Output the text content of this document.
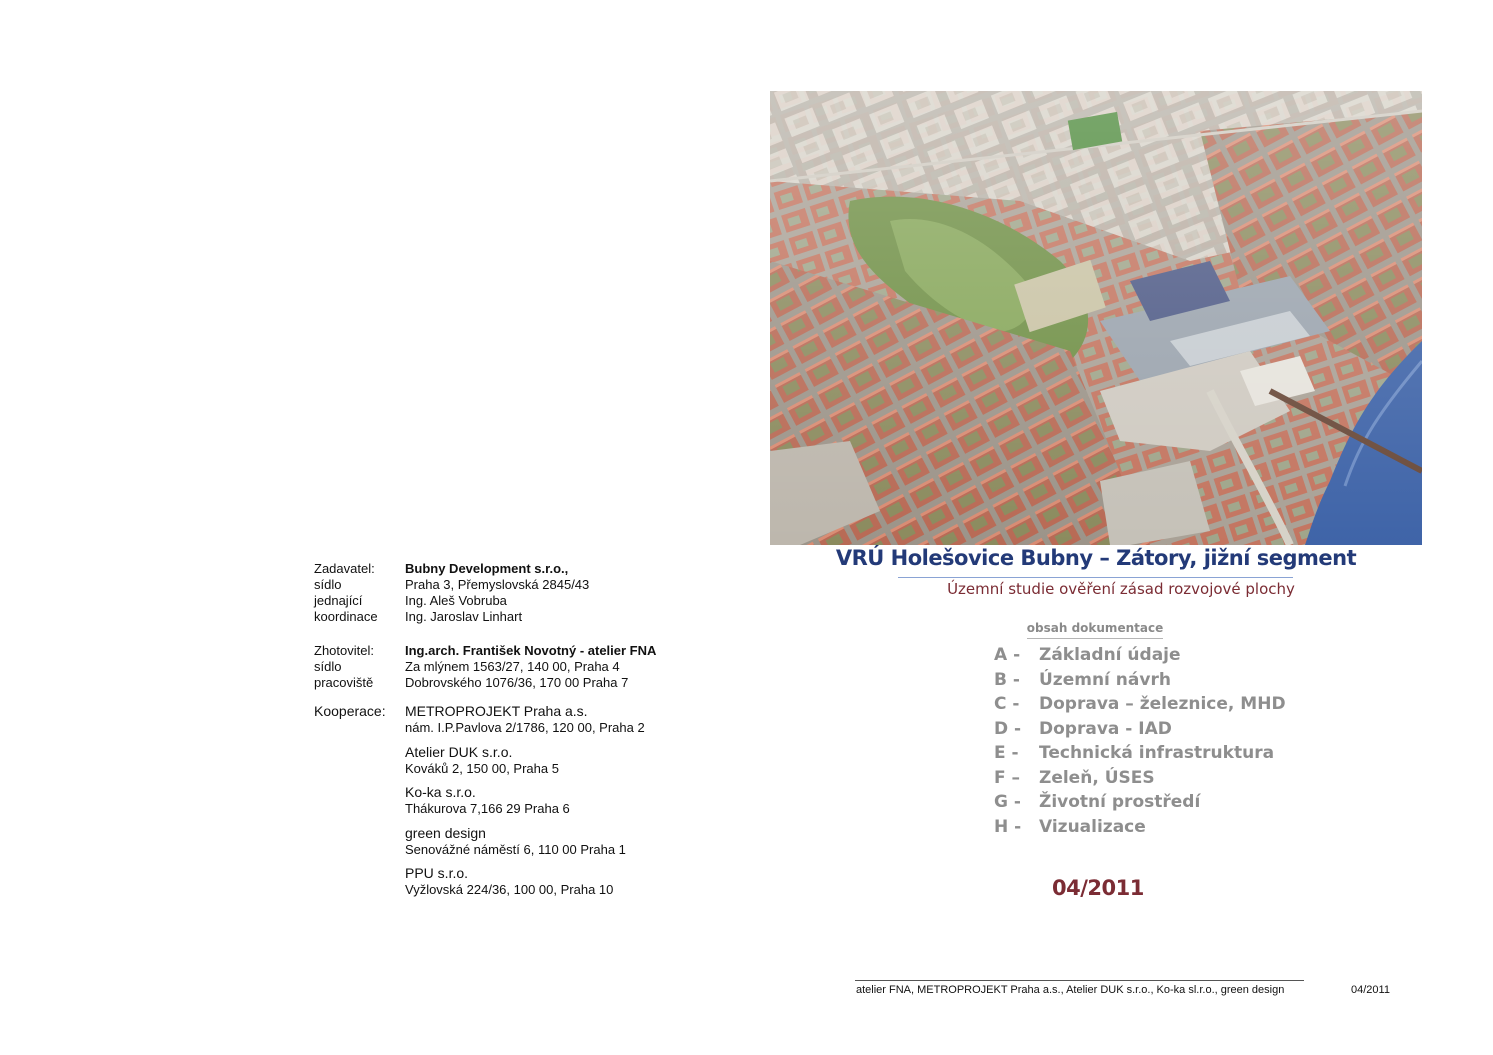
VRÚ Holešovice Bubny – Zátory, jižní segment
Územní studie ověření zásad rozvojové plochy
obsah dokumentace
A - Základní údaje
B - Územní návrh
C - Doprava – železnice, MHD
D - Doprava - IAD
E - Technická infrastruktura
F – Zeleň, ÚSES
G - Životní prostředí
H - Vizualizace
04/2011
Zadavatel: Bubny Development s.r.o.,
sídlo	Praha 3, Přemyslovská 2845/43
jednající	Ing. Aleš Vobruba
koordinace Ing. Jaroslav Linhart
Zhotovitel: Ing.arch. František Novotný - atelier FNA
sídlo	Za mlýnem 1563/27, 140 00, Praha 4
pracoviště Dobrovského 1076/36, 170 00 Praha 7
Kooperace: METROPROJEKT Praha a.s.
nám. I.P.Pavlova 2/1786, 120 00, Praha 2
Atelier DUK s.r.o.
Kováků 2, 150 00, Praha 5
Ko-ka s.r.o.
Thákurova 7,166 29 Praha 6
green design
Senovážné náměstí 6, 110 00 Praha 1
PPU s.r.o.
Vyžlovská 224/36, 100 00, Praha 10
atelier FNA, METROPROJEKT Praha a.s., Atelier DUK s.r.o., Ko-ka sl.r.o., green design	04/2011
